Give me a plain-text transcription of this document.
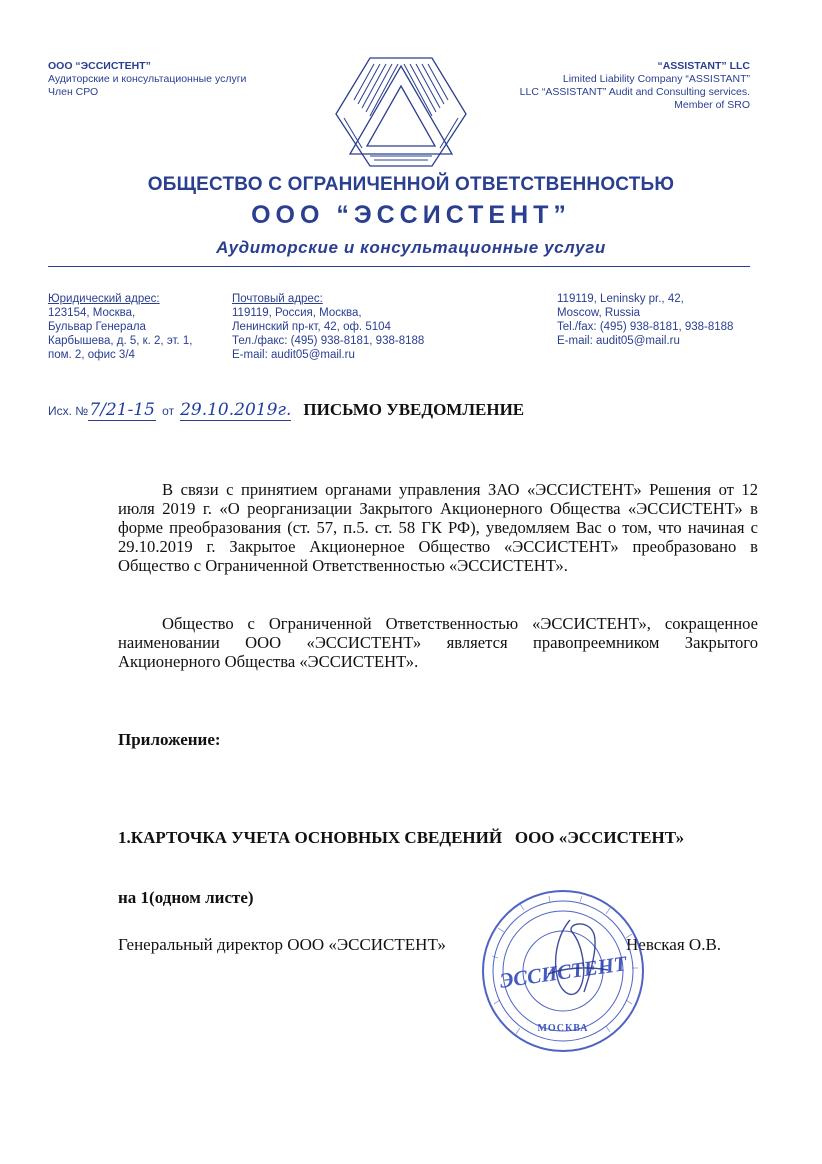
ООО “ЭССИСТЕНТ”
Аудиторские и консультационные услуги
Член СРО
“ASSISTANT” LLC
Limited Liability Company “ASSISTANT”
LLC “ASSISTANT” Audit and Consulting services.
Member of SRO
ОБЩЕСТВО С ОГРАНИЧЕННОЙ ОТВЕТСТВЕННОСТЬЮ
ООО “ЭССИСТЕНТ”
Аудиторские и консультационные услуги
Юридический адрес:
123154, Москва,
Бульвар Генерала
Карбышева, д. 5, к. 2, эт. 1,
пом. 2, офис 3/4
Почтовый адрес:
119119, Россия, Москва,
Ленинский пр-кт, 42, оф. 5104
Тел./факс: (495) 938-8181, 938-8188
E-mail: audit05@mail.ru
119119, Leninsky pr., 42,
Moscow, Russia
Tel./fax: (495) 938-8181, 938-8188
E-mail: audit05@mail.ru
Исх. № 7/21-15 от 29.10.2019г. ПИСЬМО УВЕДОМЛЕНИЕ
В связи с принятием органами управления ЗАО «ЭССИСТЕНТ» Решения от 12 июля 2019 г. «О реорганизации Закрытого Акционерного Общества «ЭССИСТЕНТ» в форме преобразования (ст. 57, п.5. ст. 58 ГК РФ), уведомляем Вас о том, что начиная с 29.10.2019 г. Закрытое Акционерное Общество «ЭССИСТЕНТ» преобразовано в Общество с Ограниченной Ответственностью «ЭССИСТЕНТ».
Общество с Ограниченной Ответственностью «ЭССИСТЕНТ», сокращенное наименовании ООО «ЭССИСТЕНТ» является правопреемником Закрытого Акционерного Общества «ЭССИСТЕНТ».
Приложение:

1.КАРТОЧКА УЧЕТА ОСНОВНЫХ СВЕДЕНИЙ   ООО «ЭССИСТЕНТ»

на 1(одном листе)

Генеральный директор ООО «ЭССИСТЕНТ»	Невская О.В.
ЭССИСТЕНТ
МОСКВА
